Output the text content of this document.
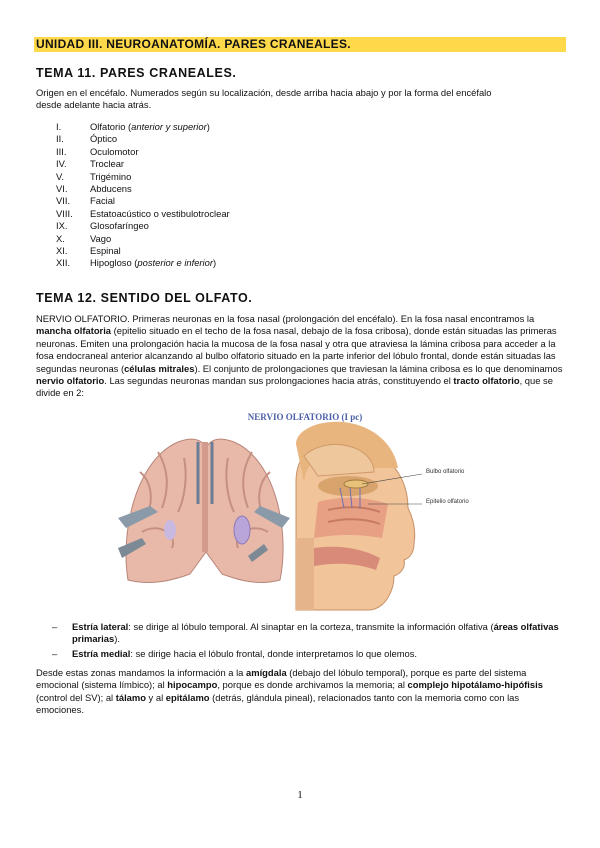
UNIDAD III. NEUROANATOMÍA. PARES CRANEALES.
TEMA 11. PARES CRANEALES.
Origen en el encéfalo. Numerados según su localización, desde arriba hacia abajo y por la forma del encéfalo
desde adelante hacia atrás.
I.	Olfatorio (anterior y superior)
II.	Óptico
III.	Oculomotor
IV.	Troclear
V.	Trigémino
VI.	Abducens
VII.	Facial
VIII.	Estatoacústico o vestibulotroclear
IX.	Glosofaríngeo
X.	Vago
XI.	Espinal
XII.	Hipogloso (posterior e inferior)
TEMA 12. SENTIDO DEL OLFATO.
NERVIO OLFATORIO. Primeras neuronas en la fosa nasal (prolongación del encéfalo). En la fosa nasal encontramos la mancha olfatoria (epitelio situado en el techo de la fosa nasal, debajo de la fosa cribosa), donde están situadas las primeras neuronas. Emiten una prolongación hacia la mucosa de la fosa nasal y otra que atraviesa la lámina cribosa para acceder a la fosa endocraneal anterior alcanzando al bulbo olfatorio situado en la parte inferior del lóbulo frontal, donde están situadas las segundas neuronas (células mitrales). El conjunto de prolongaciones que traviesan la lámina cribosa es lo que denominamos nervio olfatorio. Las segundas neuronas mandan sus prolongaciones hacia atrás, constituyendo el tracto olfatorio, que se divide en 2:
NERVIO OLFATORIO (I pc)
Bulbo olfatorio
Epitelio olfatorio
– Estría lateral: se dirige al lóbulo temporal. Al sinaptar en la corteza, transmite la información olfativa (áreas olfativas primarias).
– Estría medial: se dirige hacia el lóbulo frontal, donde interpretamos lo que olemos.
Desde estas zonas mandamos la información a la amígdala (debajo del lóbulo temporal), porque es parte del sistema emocional (sistema límbico); al hipocampo, porque es donde archivamos la memoria; al complejo hipotálamo-hipófisis (control del SV); al tálamo y al epitálamo (detrás, glándula pineal), relacionados tanto con la memoria como con las emociones.
1
